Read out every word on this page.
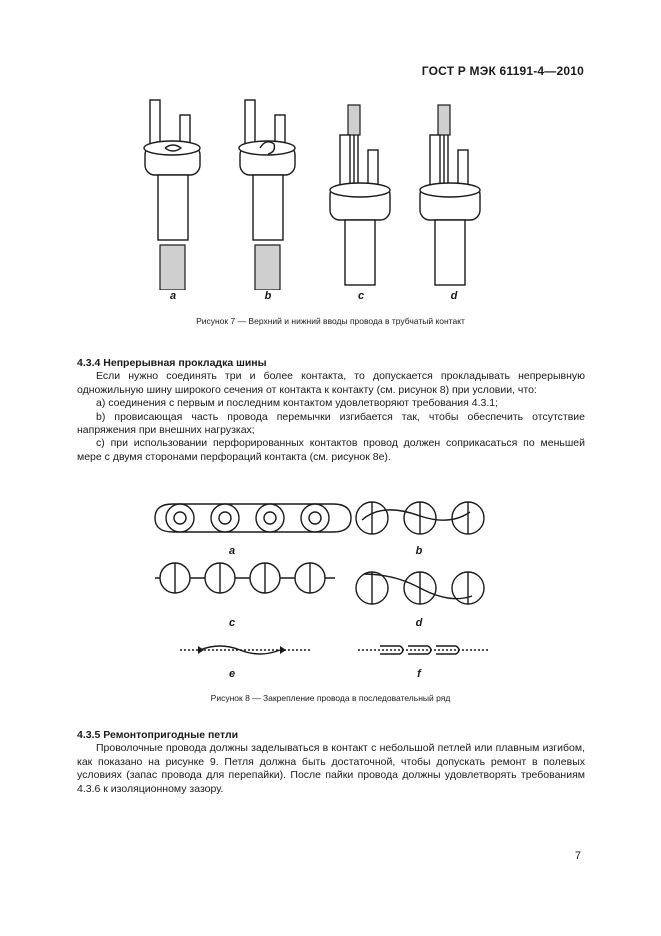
ГОСТ Р МЭК 61191-4—2010
a	b	c	d
Рисунок 7 — Верхний и нижний вводы провода в трубчатый контакт
4.3.4 Непрерывная прокладка шины

Если нужно соединять три и более контакта, то допускается прокладывать непрерывную одножильную шину широкого сечения от контакта к контакту (см. рисунок 8) при условии, что:

a) соединения с первым и последним контактом удовлетворяют требования 4.3.1;

b) провисающая часть провода перемычки изгибается так, чтобы обеспечить отсутствие напряжения при внешних нагрузках;

c) при использовании перфорированных контактов провод должен соприкасаться по меньшей мере с двумя сторонами перфораций контакта (см. рисунок 8е).

a	b
c	d
e	f
Рисунок 8 — Закрепление провода в последовательный ряд
4.3.5 Ремонтопригодные петли

Проволочные провода должны заделываться в контакт с небольшой петлей или плавным изгибом, как показано на рисунке 9. Петля должна быть достаточной, чтобы допускать ремонт в полевых условиях (запас провода для перепайки). После пайки провода должны удовлетворять требованиям 4.3.6 к изоляционному зазору.

7
